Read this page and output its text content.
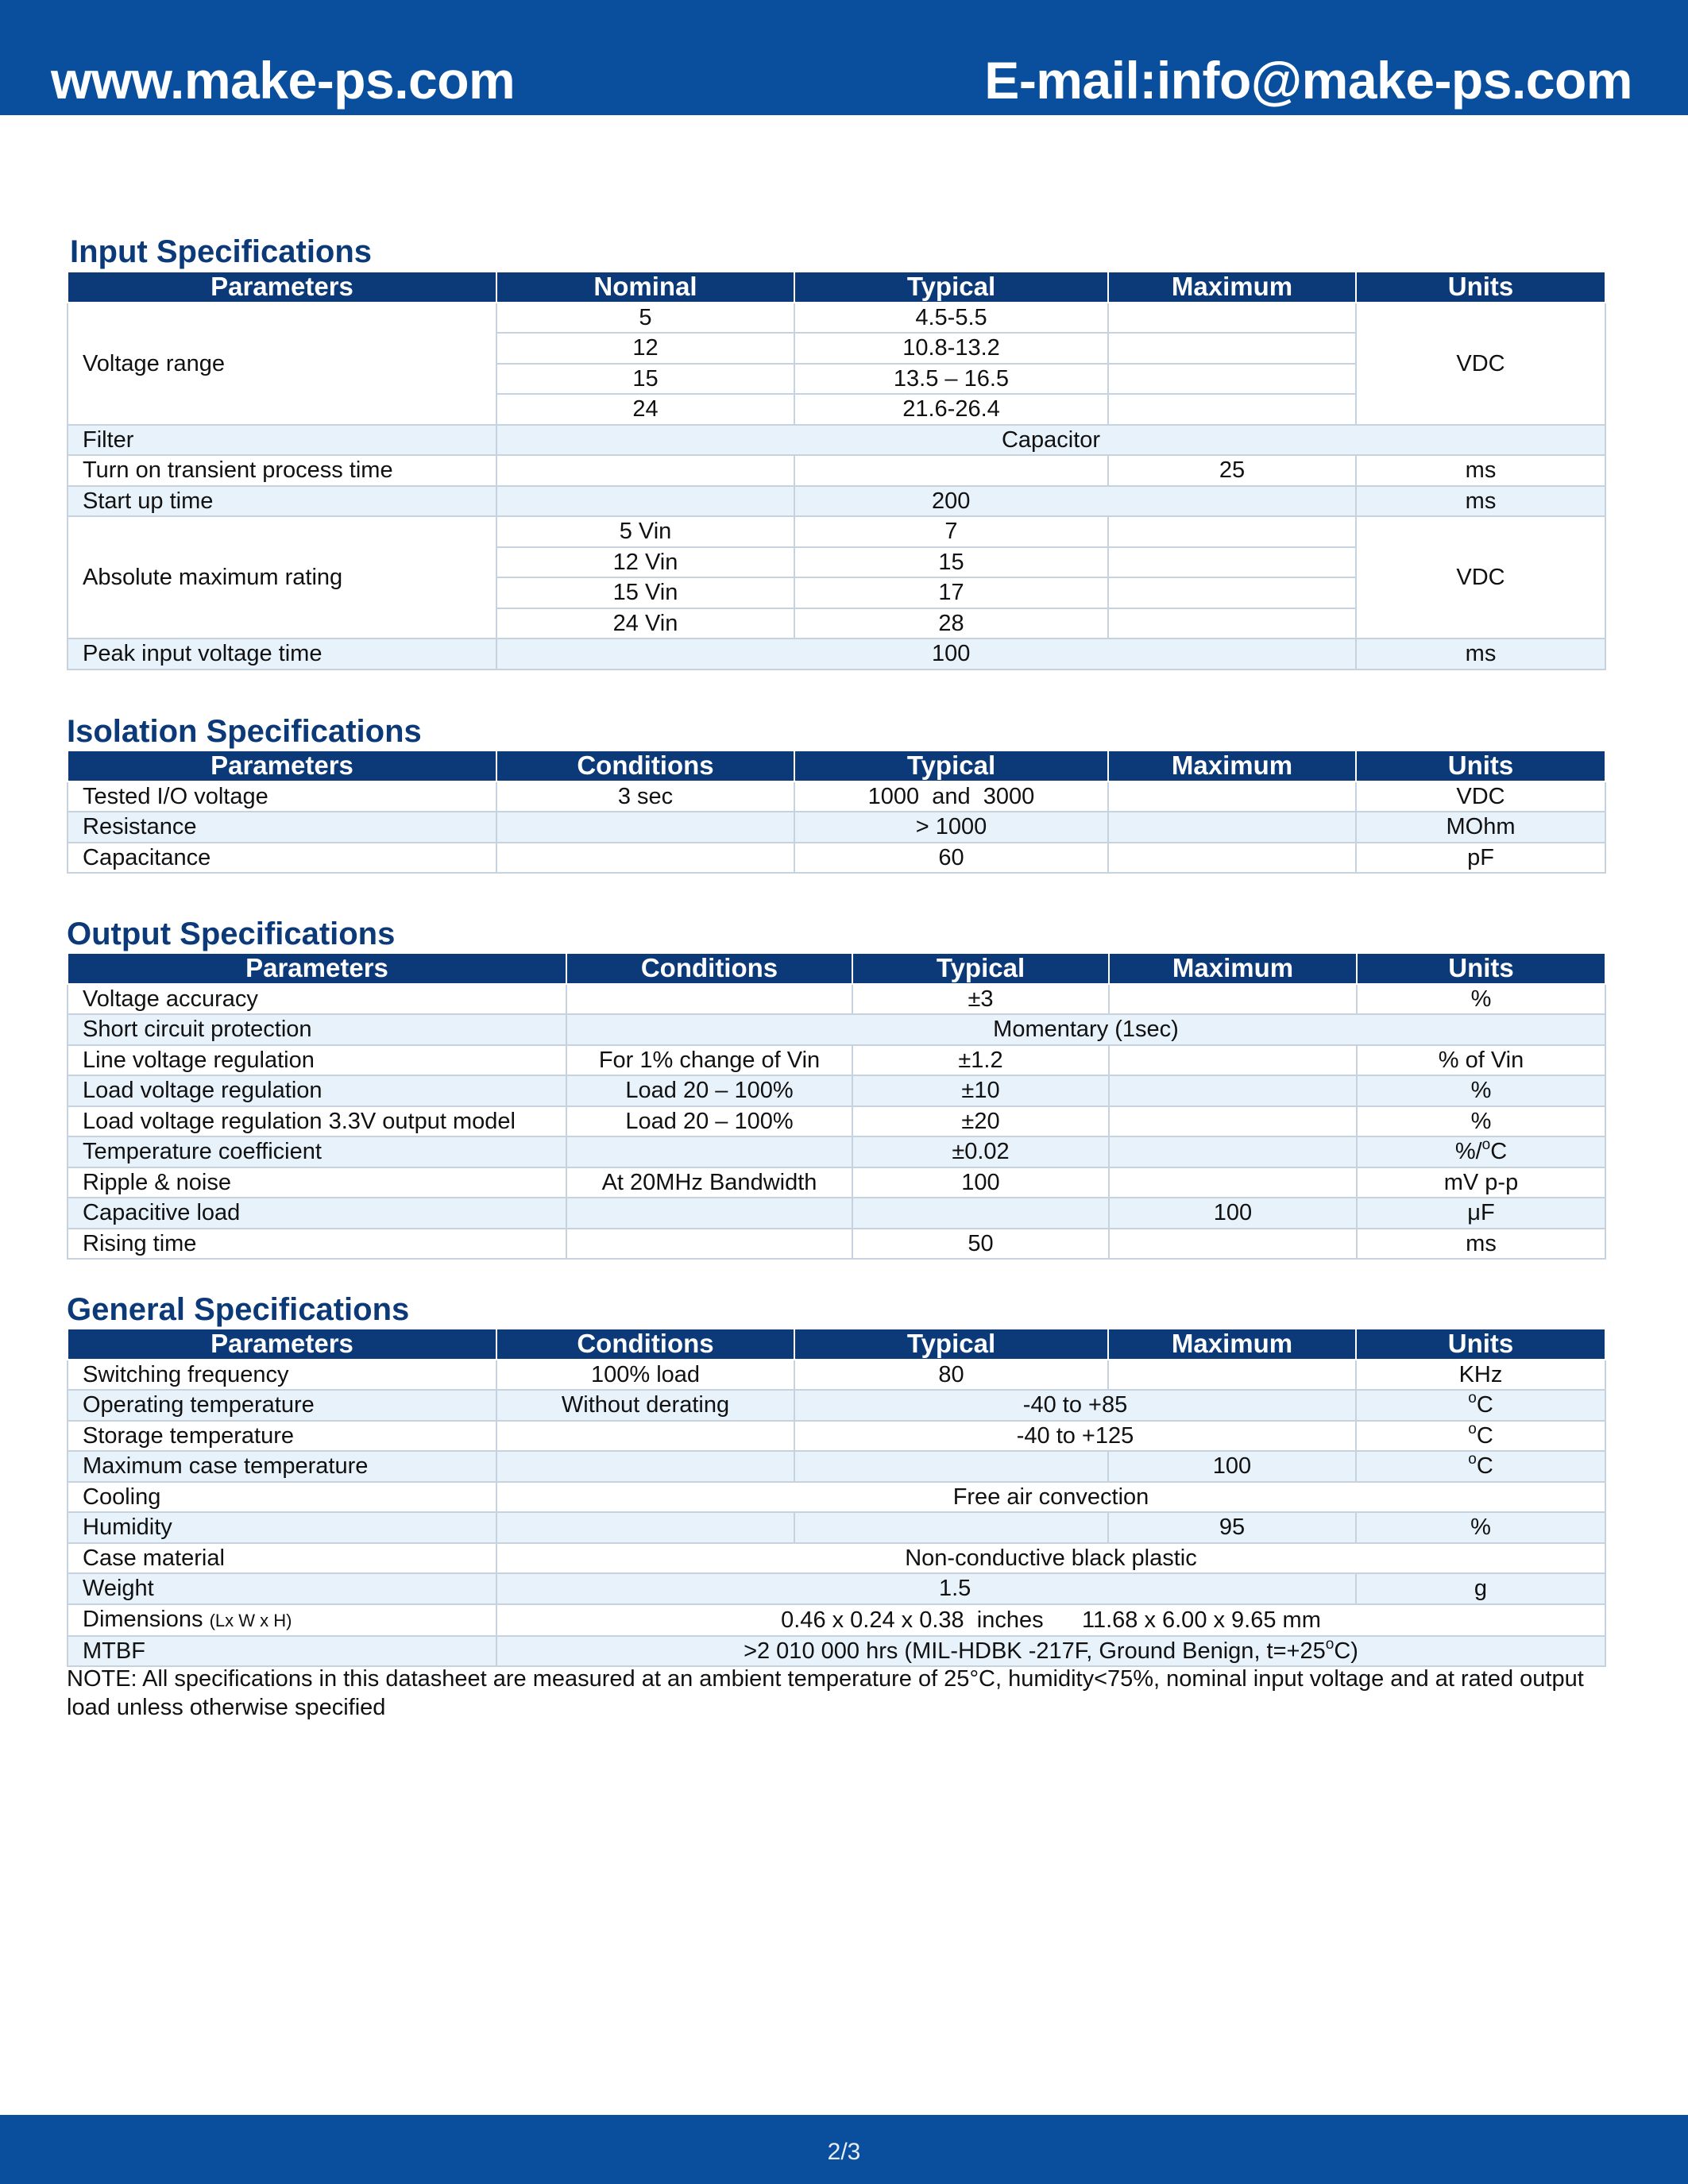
www.make-ps.com	E-mail:info@make-ps.com
Input Specifications
Parameters	Nominal	Typical	Maximum	Units
Voltage range	5	4.5-5.5		VDC
	12	10.8-13.2		
	15	13.5 – 16.5		
	24	21.6-26.4		
Filter	Capacitor			
Turn on transient process time			25	ms
Start up time		200		ms
Absolute maximum rating	5 Vin	7		VDC
	12 Vin	15		
	15 Vin	17		
	24 Vin	28		
Peak input voltage time	100			ms
Isolation Specifications
Parameters	Conditions	Typical	Maximum	Units
Tested I/O voltage	3 sec	1000  and  3000		VDC
Resistance		> 1000		MOhm
Capacitance		60		pF
Output Specifications
Parameters	Conditions	Typical	Maximum	Units
Voltage accuracy		±3		%
Short circuit protection	Momentary (1sec)			
Line voltage regulation	For 1% change of Vin	±1.2		% of Vin
Load voltage regulation	Load 20 – 100%	±10		%
Load voltage regulation 3.3V output model	Load 20 – 100%	±20		%
Temperature coefficient		±0.02		%/$^o$C
Ripple & noise	At 20MHz Bandwidth	100		mV p-p
Capacitive load			100	μF
Rising time		50		ms
General Specifications
Parameters	Conditions	Typical	Maximum	Units
Switching frequency	100% load	80		KHz
Operating temperature	Without derating	-40 to +85		$^o$C
Storage temperature		-40 to +125		$^o$C
Maximum case temperature			100	$^o$C
Cooling	Free air convection			
Humidity			95	%
Case material	Non-conductive black plastic			
Weight	1.5			g
Dimensions (Lx W x H)	0.46 x 0.24 x 0.38  inches      11.68 x 6.00 x 9.65 mm			
MTBF	>2 010 000 hrs (MIL-HDBK -217F, Ground Benign, $t=+25^oC$)			
NOTE: All specifications in this datasheet are measured at an ambient temperature of 25°C, humidity<75%, nominal input voltage and at rated output load unless otherwise specified
2/3
